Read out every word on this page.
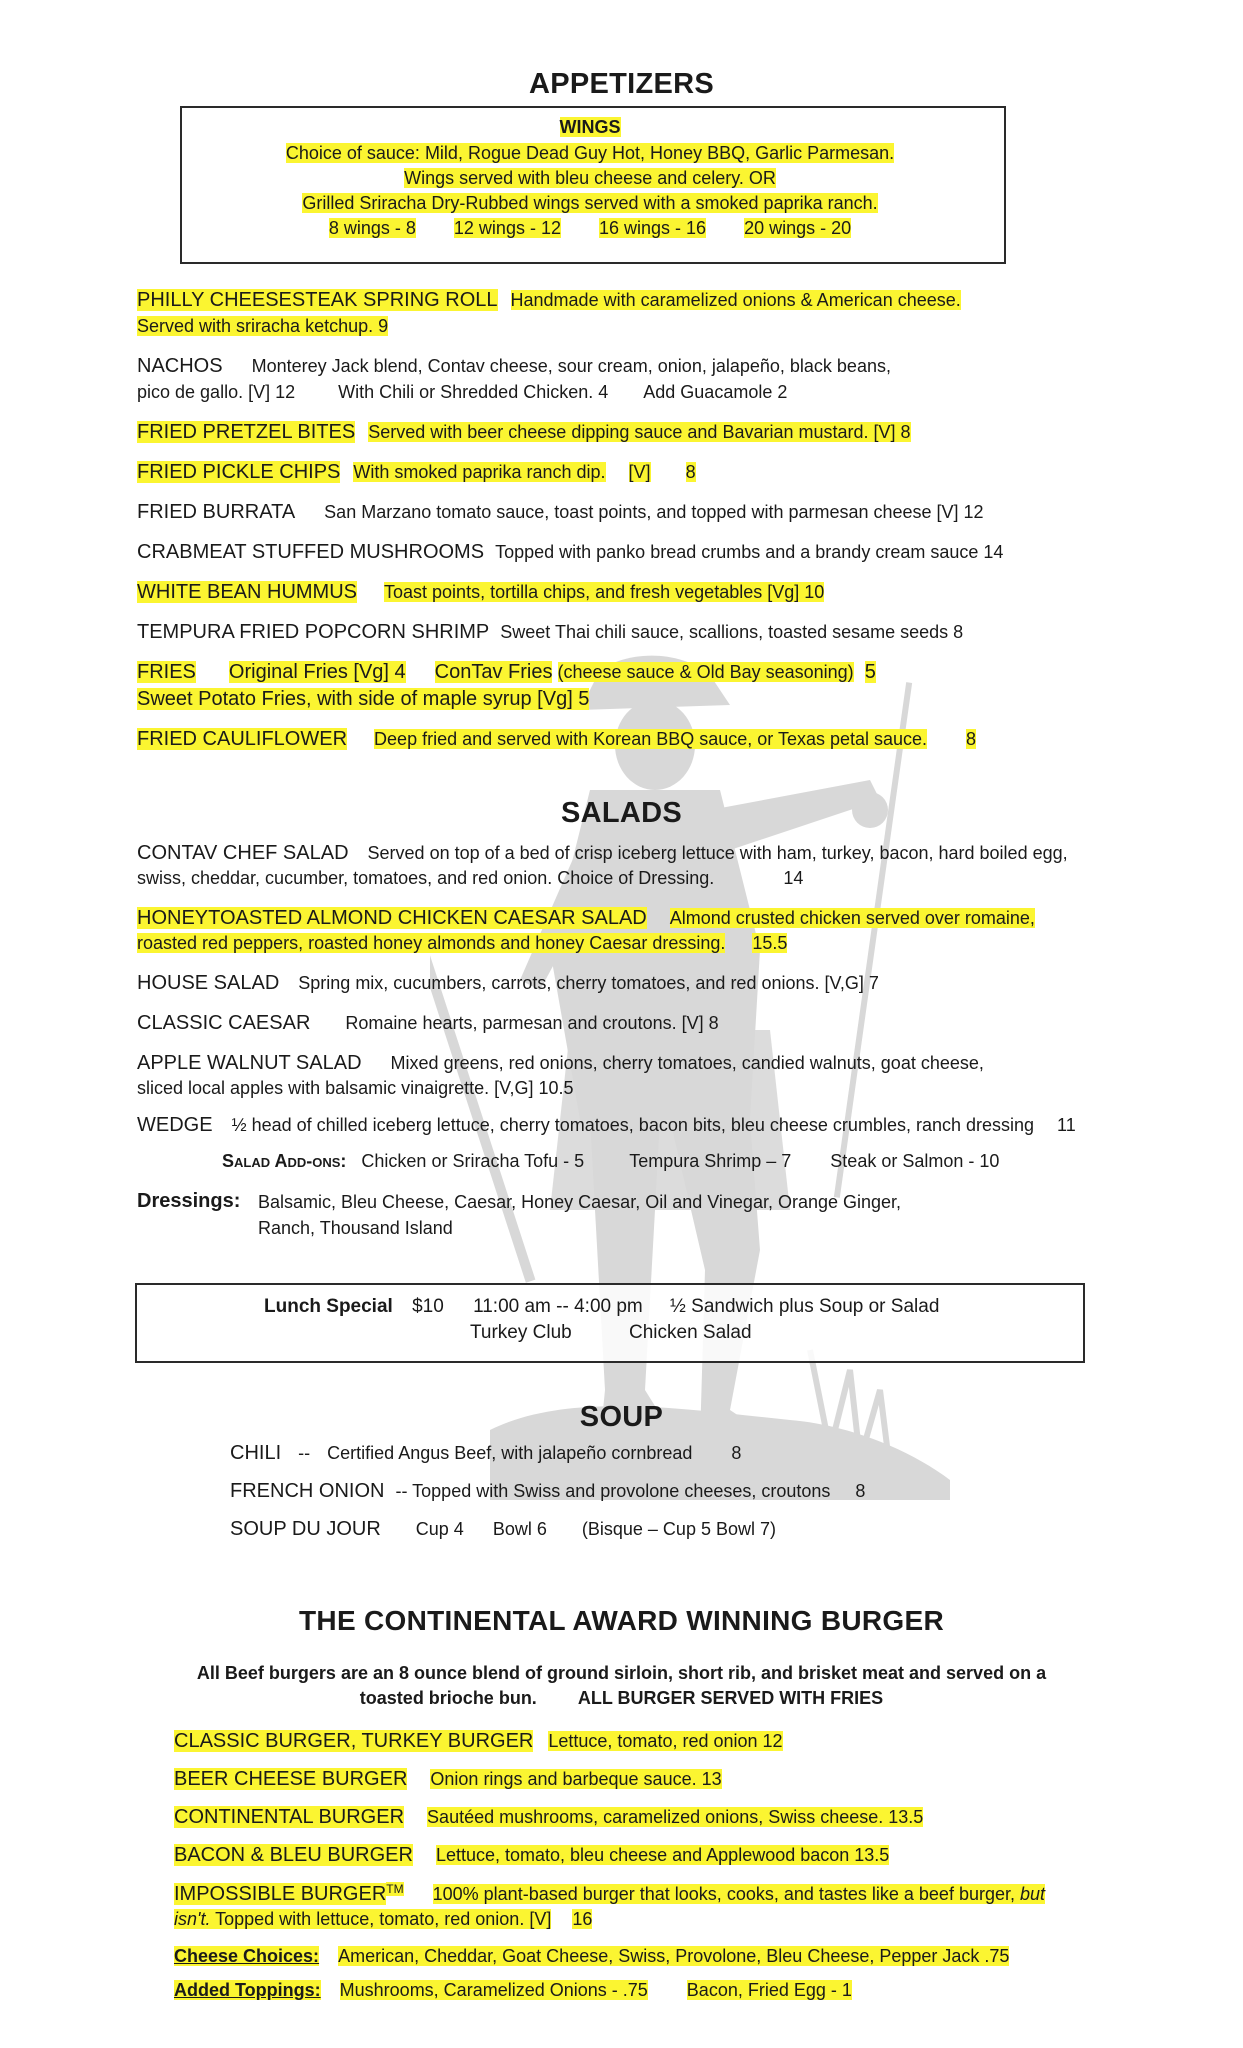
APPETIZERS
WINGS
Choice of sauce: Mild, Rogue Dead Guy Hot, Honey BBQ, Garlic Parmesan.
Wings served with bleu cheese and celery. OR
Grilled Sriracha Dry-Rubbed wings served with a smoked paprika ranch.
8 wings - 8 12 wings - 12 16 wings - 16 20 wings - 20
PHILLY CHEESESTEAK SPRING ROLL Handmade with caramelized onions & American cheese.
Served with sriracha ketchup. 9
NACHOS Monterey Jack blend, Contav cheese, sour cream, onion, jalapeño, black beans,
pico de gallo. [V] 12 With Chili or Shredded Chicken. 4 Add Guacamole 2
FRIED PRETZEL BITES Served with beer cheese dipping sauce and Bavarian mustard. [V] 8
FRIED PICKLE CHIPS With smoked paprika ranch dip. [V] 8
FRIED BURRATA San Marzano tomato sauce, toast points, and topped with parmesan cheese [V] 12
CRABMEAT STUFFED MUSHROOMS Topped with panko bread crumbs and a brandy cream sauce 14
WHITE BEAN HUMMUS Toast points, tortilla chips, and fresh vegetables [Vg] 10
TEMPURA FRIED POPCORN SHRIMP Sweet Thai chili sauce, scallions, toasted sesame seeds 8
FRIES Original Fries [Vg] 4 ConTav Fries (cheese sauce & Old Bay seasoning) 5
Sweet Potato Fries, with side of maple syrup [Vg] 5
FRIED CAULIFLOWER Deep fried and served with Korean BBQ sauce, or Texas petal sauce. 8
SALADS
CONTAV CHEF SALAD Served on top of a bed of crisp iceberg lettuce with ham, turkey, bacon, hard boiled egg,
swiss, cheddar, cucumber, tomatoes, and red onion. Choice of Dressing.	14
HONEYTOASTED ALMOND CHICKEN CAESAR SALAD Almond crusted chicken served over romaine,
roasted red peppers, roasted honey almonds and honey Caesar dressing. 15.5
HOUSE SALAD Spring mix, cucumbers, carrots, cherry tomatoes, and red onions. [V,G] 7
CLASSIC CAESAR Romaine hearts, parmesan and croutons. [V] 8
APPLE WALNUT SALAD Mixed greens, red onions, cherry tomatoes, candied walnuts, goat cheese,
sliced local apples with balsamic vinaigrette. [V,G] 10.5
WEDGE ½ head of chilled iceberg lettuce, cherry tomatoes, bacon bits, bleu cheese crumbles, ranch dressing 11
Salad Add-ons: Chicken or Sriracha Tofu - 5	Tempura Shrimp – 7 Steak or Salmon - 10
Dressings: Balsamic, Bleu Cheese, Caesar, Honey Caesar, Oil and Vinegar, Orange Ginger,
Ranch, Thousand Island
Lunch Special $10 11:00 am -- 4:00 pm ½ Sandwich plus Soup or Salad
Turkey Club	Chicken Salad
SOUP
CHILI -- Certified Angus Beef, with jalapeño cornbread 8
FRENCH ONION -- Topped with Swiss and provolone cheeses, croutons 8
SOUP DU JOUR Cup 4 Bowl 6 (Bisque – Cup 5 Bowl 7)
THE CONTINENTAL AWARD WINNING BURGER
All Beef burgers are an 8 ounce blend of ground sirloin, short rib, and brisket meat and served on a
toasted brioche bun. ALL BURGER SERVED WITH FRIES
CLASSIC BURGER, TURKEY BURGER Lettuce, tomato, red onion 12
BEER CHEESE BURGER Onion rings and barbeque sauce. 13
CONTINENTAL BURGER Sautéed mushrooms, caramelized onions, Swiss cheese. 13.5
BACON & BLEU BURGER Lettuce, tomato, bleu cheese and Applewood bacon 13.5
IMPOSSIBLE BURGER™ 100% plant-based burger that looks, cooks, and tastes like a beef burger, but
isn't. Topped with lettuce, tomato, red onion. [V] 16
Cheese Choices: American, Cheddar, Goat Cheese, Swiss, Provolone, Bleu Cheese, Pepper Jack .75
Added Toppings: Mushrooms, Caramelized Onions - .75 Bacon, Fried Egg - 1
